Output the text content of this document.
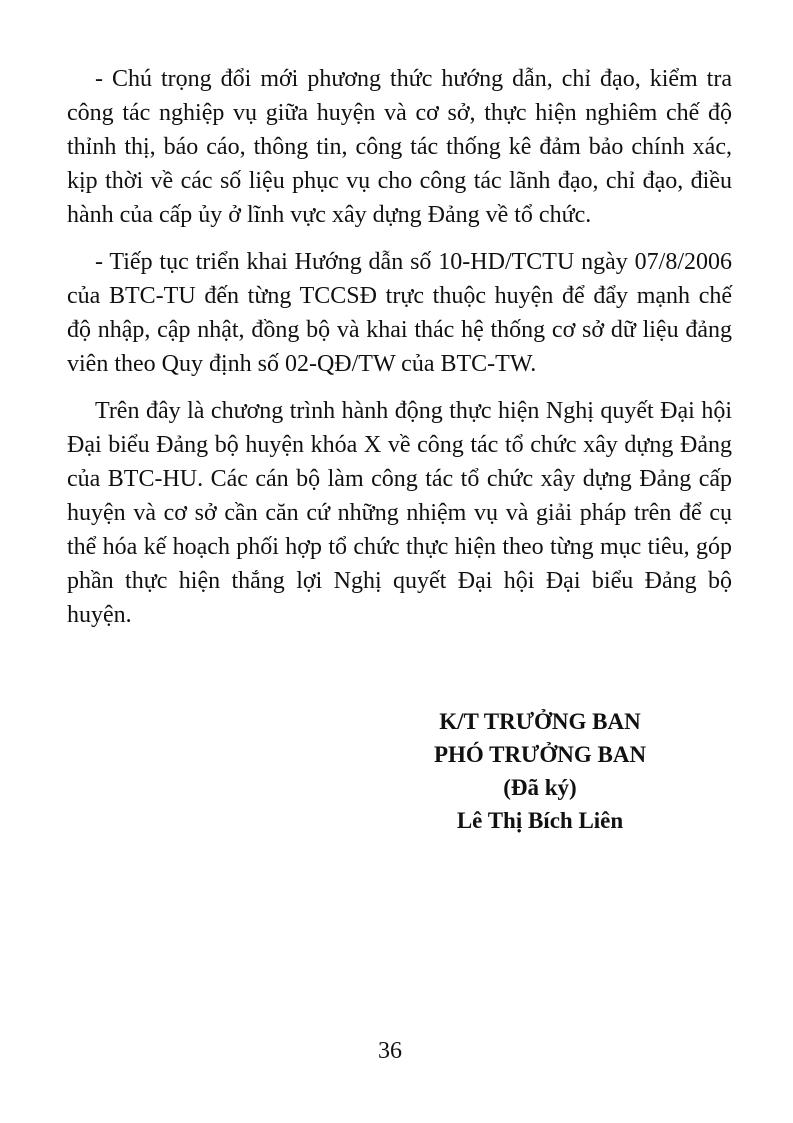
- Chú trọng đổi mới phương thức hướng dẫn, chỉ đạo, kiểm tra công tác nghiệp vụ giữa huyện và cơ sở, thực hiện nghiêm chế độ thỉnh thị, báo cáo, thông tin, công tác thống kê đảm bảo chính xác, kịp thời về các số liệu phục vụ cho công tác lãnh đạo, chỉ đạo, điều hành của cấp ủy ở lĩnh vực xây dựng Đảng về tổ chức.

- Tiếp tục triển khai Hướng dẫn số 10-HD/TCTU ngày 07/8/2006 của BTC-TU đến từng TCCSĐ trực thuộc huyện để đẩy mạnh chế độ nhập, cập nhật, đồng bộ và khai thác hệ thống cơ sở dữ liệu đảng viên theo Quy định số 02-QĐ/TW của BTC-TW.

Trên đây là chương trình hành động thực hiện Nghị quyết Đại hội Đại biểu Đảng bộ huyện khóa X về công tác tổ chức xây dựng Đảng của BTC-HU. Các cán bộ làm công tác tổ chức xây dựng Đảng cấp huyện và cơ sở cần căn cứ những nhiệm vụ và giải pháp trên để cụ thể hóa kế hoạch phối hợp tổ chức thực hiện theo từng mục tiêu, góp phần thực hiện thắng lợi Nghị quyết Đại hội Đại biểu Đảng bộ huyện.

K/T TRƯỞNG BAN
PHÓ TRƯỞNG BAN
(Đã ký)
Lê Thị Bích Liên
36
